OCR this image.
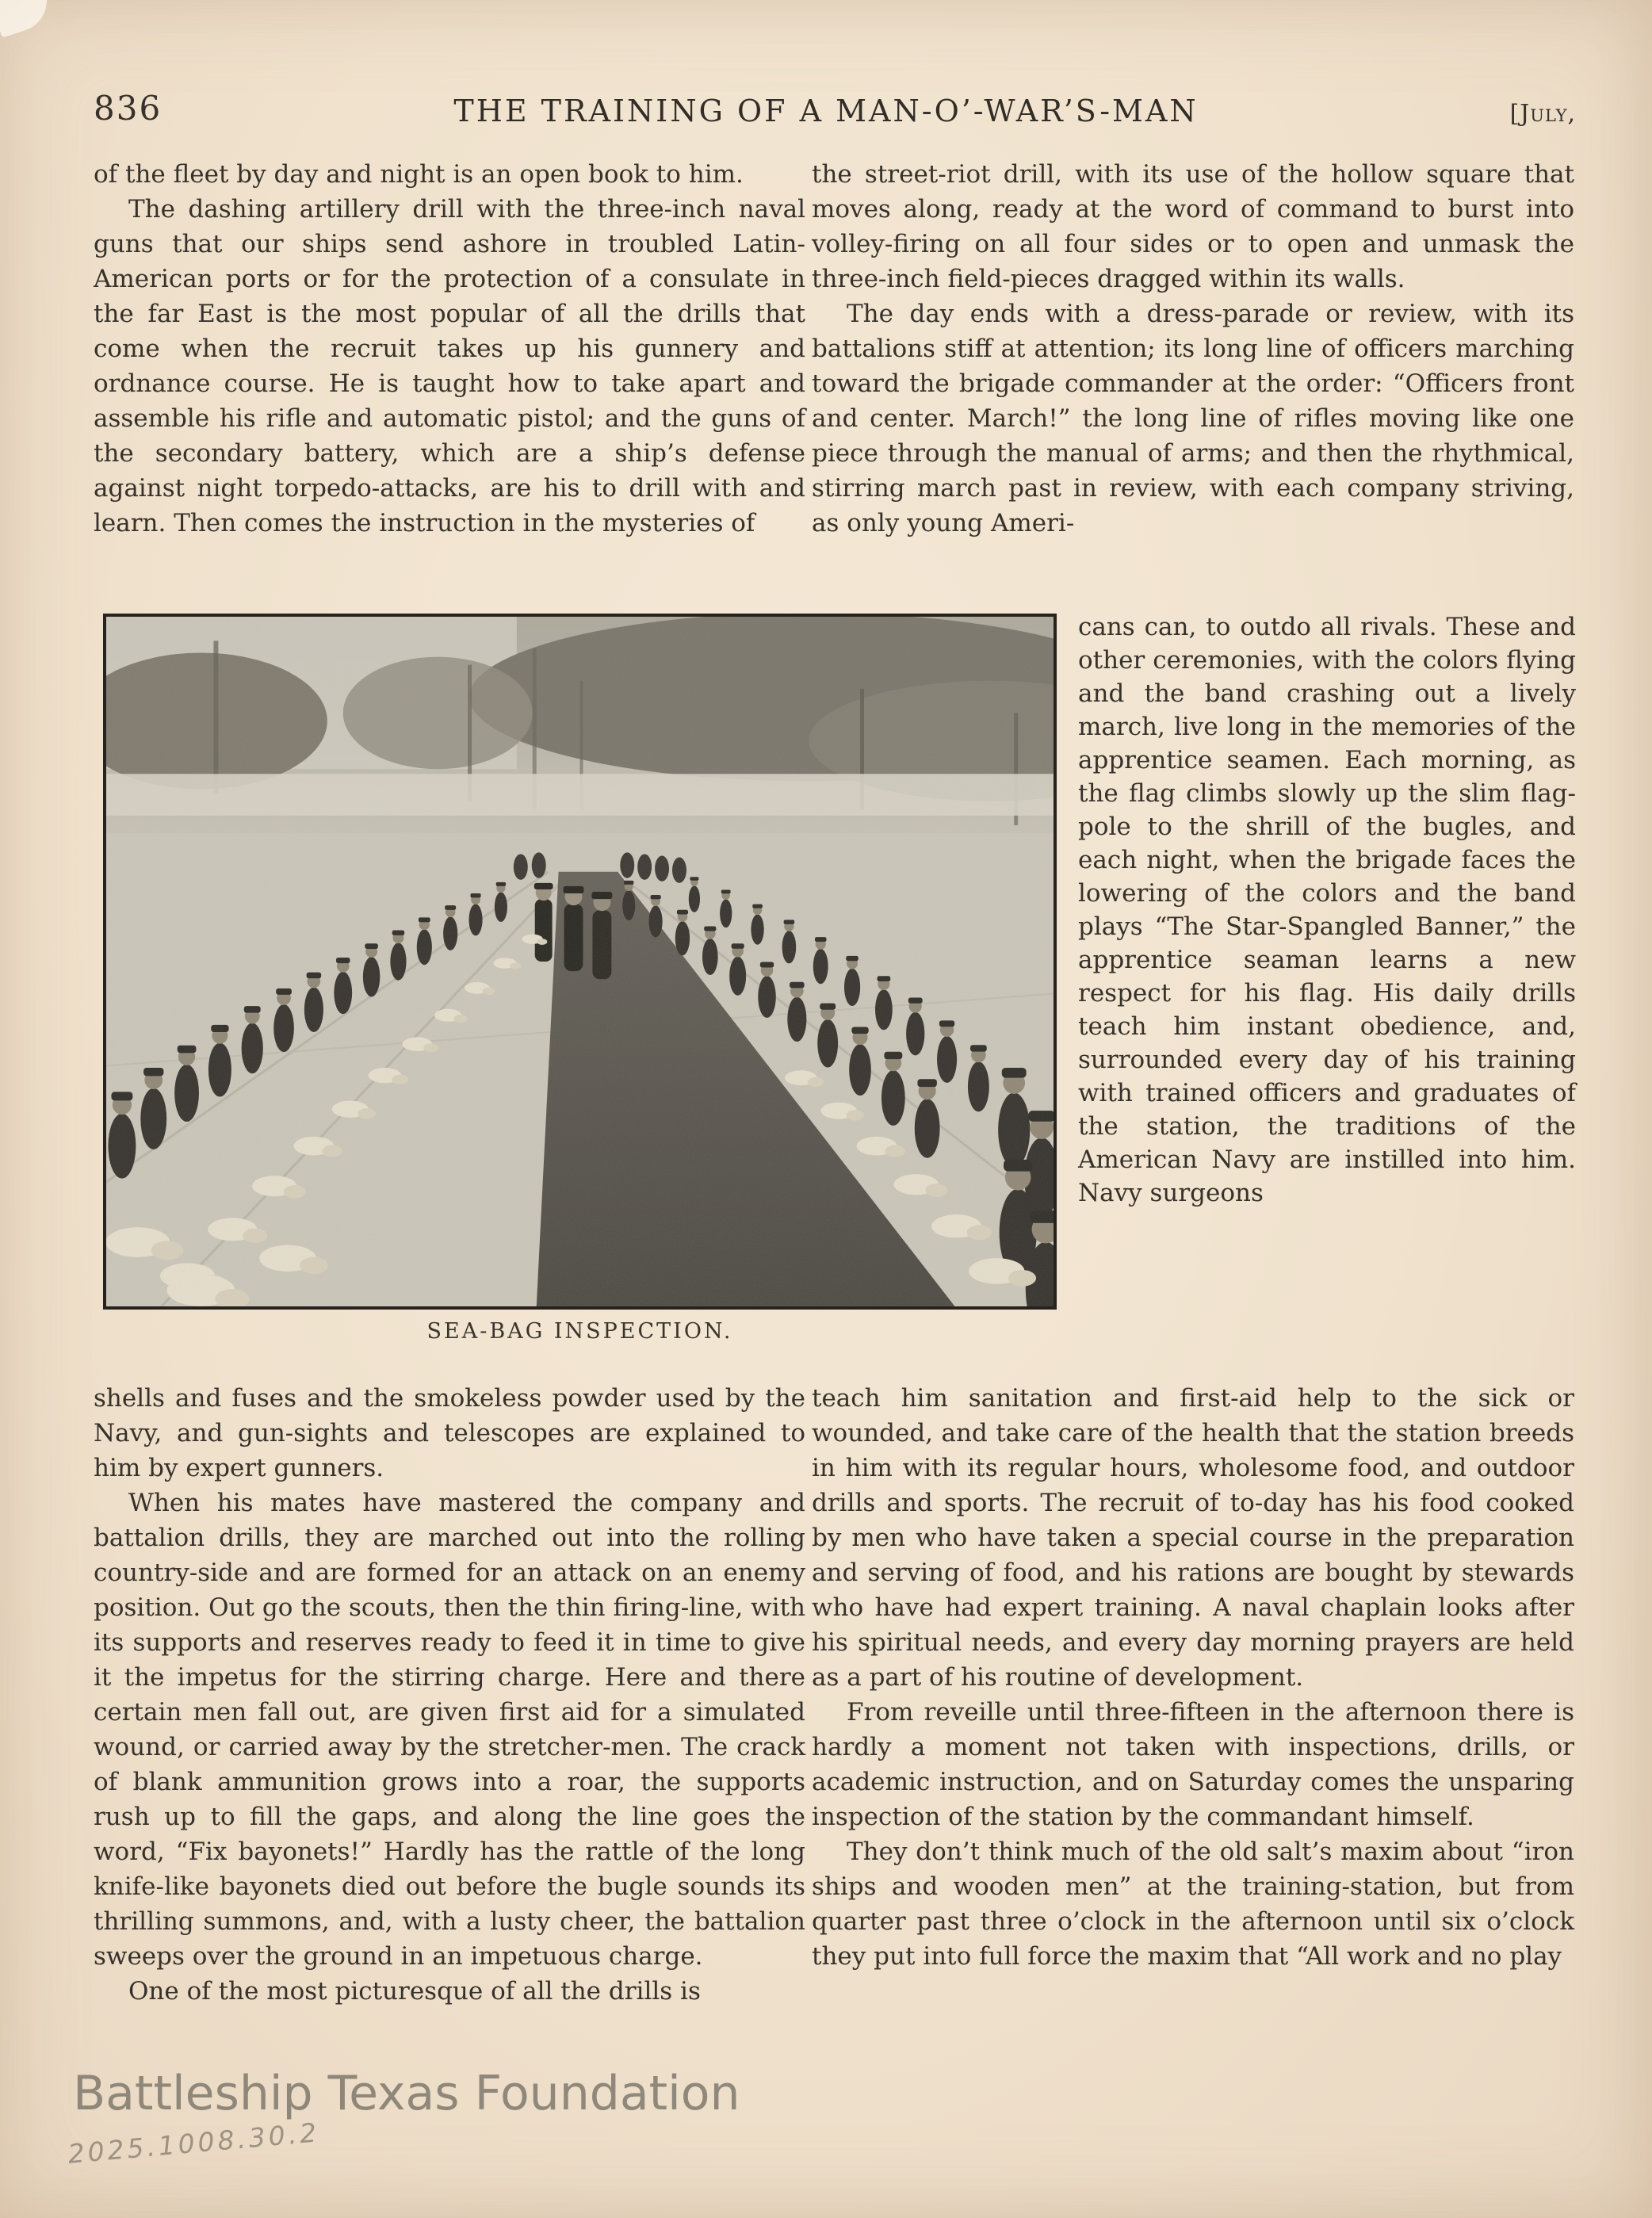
836	THE TRAINING OF A MAN-O’-WAR’S-MAN	[July,

of the fleet by day and night is an open book to him.

The dashing artillery drill with the three-inch naval guns that our ships send ashore in troubled Latin-American ports or for the protection of a consulate in the far East is the most popular of all the drills that come when the recruit takes up his gunnery and ordnance course. He is taught how to take apart and assemble his rifle and automatic pistol; and the guns of the secondary battery, which are a ship’s defense against night torpedo-attacks, are his to drill with and learn. Then comes the instruction in the mysteries of

the street-riot drill, with its use of the hollow square that moves along, ready at the word of command to burst into volley-firing on all four sides or to open and unmask the three-inch field-pieces dragged within its walls.

The day ends with a dress-parade or review, with its battalions stiff at attention; its long line of officers marching toward the brigade commander at the order: “Officers front and center. March!” the long line of rifles moving like one piece through the manual of arms; and then the rhythmical, stirring march past in review, with each company striving, as only young Ameri-

SEA-BAG INSPECTION.

cans can, to outdo all rivals. These and other ceremonies, with the colors flying and the band crashing out a lively march, live long in the memories of the apprentice seamen. Each morning, as the flag climbs slowly up the slim flag-pole to the shrill of the bugles, and each night, when the brigade faces the lowering of the colors and the band plays “The Star-Spangled Banner,” the apprentice seaman learns a new respect for his flag. His daily drills teach him instant obedience, and, surrounded every day of his training with trained officers and graduates of the station, the traditions of the American Navy are instilled into him. Navy surgeons

shells and fuses and the smokeless powder used by the Navy, and gun-sights and telescopes are explained to him by expert gunners.

When his mates have mastered the company and battalion drills, they are marched out into the rolling country-side and are formed for an attack on an enemy position. Out go the scouts, then the thin firing-line, with its supports and reserves ready to feed it in time to give it the impetus for the stirring charge. Here and there certain men fall out, are given first aid for a simulated wound, or carried away by the stretcher-men. The crack of blank ammunition grows into a roar, the supports rush up to fill the gaps, and along the line goes the word, “Fix bayonets!” Hardly has the rattle of the long knife-like bayonets died out before the bugle sounds its thrilling summons, and, with a lusty cheer, the battalion sweeps over the ground in an impetuous charge.

One of the most picturesque of all the drills is

teach him sanitation and first-aid help to the sick or wounded, and take care of the health that the station breeds in him with its regular hours, wholesome food, and outdoor drills and sports. The recruit of to-day has his food cooked by men who have taken a special course in the preparation and serving of food, and his rations are bought by stewards who have had expert training. A naval chaplain looks after his spiritual needs, and every day morning prayers are held as a part of his routine of development.

From reveille until three-fifteen in the afternoon there is hardly a moment not taken with inspections, drills, or academic instruction, and on Saturday comes the unsparing inspection of the station by the commandant himself.

They don’t think much of the old salt’s maxim about “iron ships and wooden men” at the training-station, but from quarter past three o’clock in the afternoon until six o’clock they put into full force the maxim that “All work and no play

Battleship Texas Foundation
2025.1008.30.2
